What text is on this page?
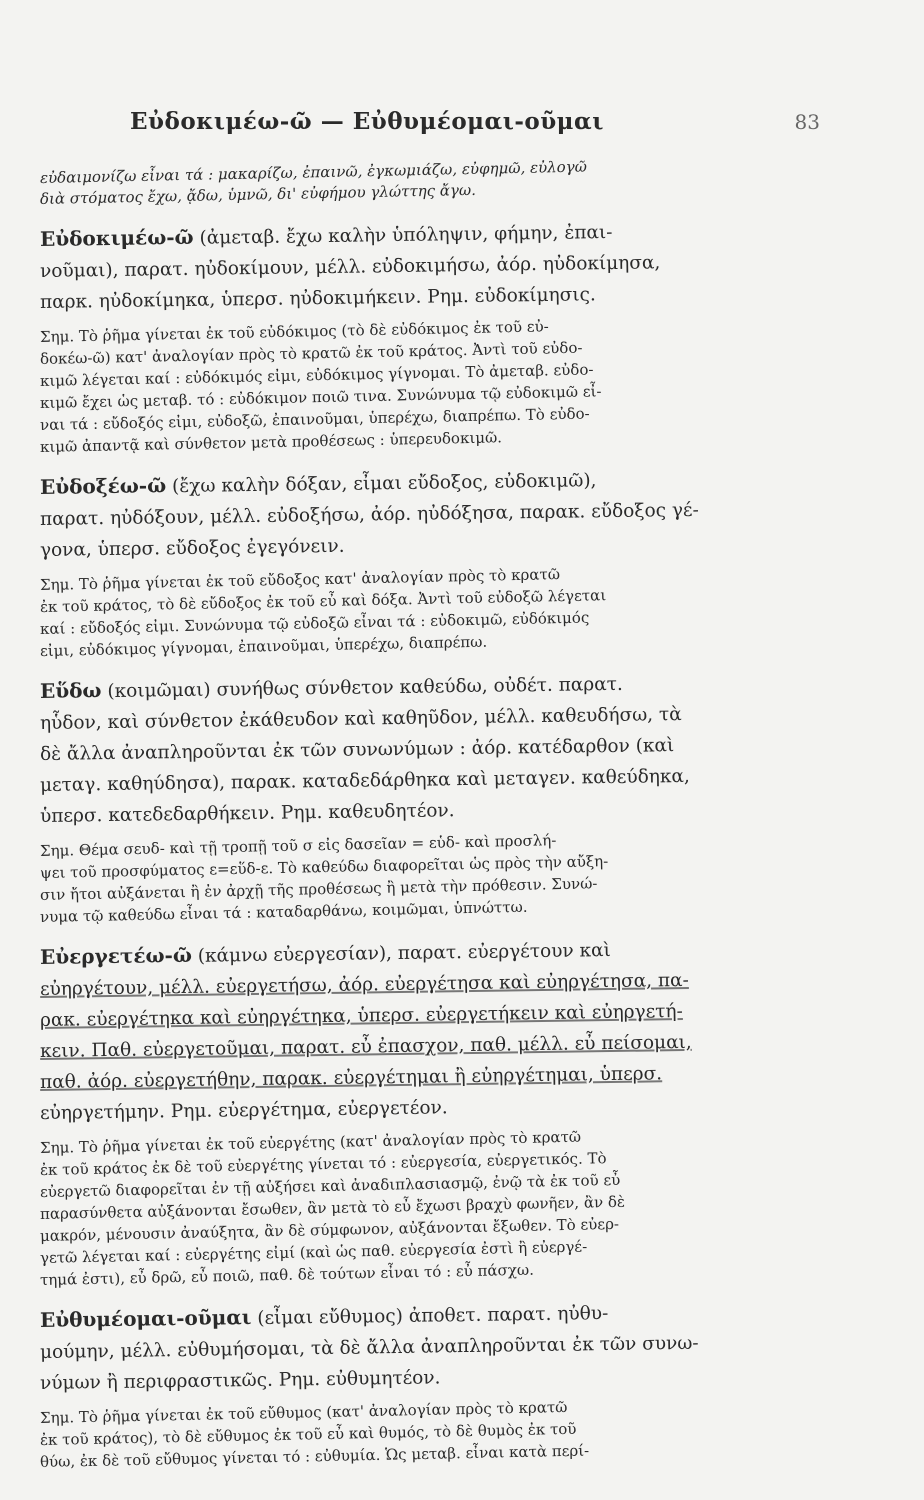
Εὐδοκιμέω-ῶ — Εὐθυμέομαι-οῦμαι	83

εὐδαιμονίζω εἶναι τά : μακαρίζω, ἐπαινῶ, ἐγκωμιάζω, εὐφημῶ, εὐλογῶ

διὰ στόματος ἔχω, ᾄδω, ὑμνῶ, δι' εὐφήμου γλώττης ἄγω.

Εὐδοκιμέω-ῶ (ἀμεταβ. ἔχω καλὴν ὑπόληψιν, φήμην, ἐπαι-

νοῦμαι), παρατ. ηὐδοκίμουν, μέλλ. εὐδοκιμήσω, ἀόρ. ηὐδοκίμησα,

παρκ. ηὐδοκίμηκα, ὑπερσ. ηὐδοκιμήκειν. Ρημ. εὐδοκίμησις.

Σημ. Τὸ ῥῆμα γίνεται ἐκ τοῦ εὐδόκιμος (τὸ δὲ εὐδόκιμος ἐκ τοῦ εὐ-

δοκέω-ῶ) κατ' ἀναλογίαν πρὸς τὸ κρατῶ ἐκ τοῦ κράτος. Ἀντὶ τοῦ εὐδο-

κιμῶ λέγεται καί : εὐδόκιμός εἰμι, εὐδόκιμος γίγνομαι. Τὸ ἀμεταβ. εὐδο-

κιμῶ ἔχει ὡς μεταβ. τό : εὐδόκιμον ποιῶ τινα. Συνώνυμα τῷ εὐδοκιμῶ εἶ-

ναι τά : εὔδοξός εἰμι, εὐδοξῶ, ἐπαινοῦμαι, ὑπερέχω, διαπρέπω. Τὸ εὐδο-

κιμῶ ἀπαντᾷ καὶ σύνθετον μετὰ προθέσεως : ὑπερευδοκιμῶ.

Εὐδοξέω-ῶ (ἔχω καλὴν δόξαν, εἶμαι εὔδοξος, εὐδοκιμῶ),

παρατ. ηὐδόξουν, μέλλ. εὐδοξήσω, ἀόρ. ηὐδόξησα, παρακ. εὔδοξος γέ-

γονα, ὑπερσ. εὔδοξος ἐγεγόνειν.

Σημ. Τὸ ῥῆμα γίνεται ἐκ τοῦ εὔδοξος κατ' ἀναλογίαν πρὸς τὸ κρατῶ

ἐκ τοῦ κράτος, τὸ δὲ εὔδοξος ἐκ τοῦ εὖ καὶ δόξα. Ἀντὶ τοῦ εὐδοξῶ λέγεται

καί : εὔδοξός εἰμι. Συνώνυμα τῷ εὐδοξῶ εἶναι τά : εὐδοκιμῶ, εὐδόκιμός

εἰμι, εὐδόκιμος γίγνομαι, ἐπαινοῦμαι, ὑπερέχω, διαπρέπω.

Εὕδω (κοιμῶμαι) συνήθως σύνθετον καθεύδω, οὐδέτ. παρατ.

ηὗδον, καὶ σύνθετον ἐκάθευδον καὶ καθηῦδον, μέλλ. καθευδήσω, τὰ

δὲ ἄλλα ἀναπληροῦνται ἐκ τῶν συνωνύμων : ἀόρ. κατέδαρθον (καὶ

μεταγ. καθηύδησα), παρακ. καταδεδάρθηκα καὶ μεταγεν. καθεύδηκα,

ὑπερσ. κατεδεδαρθήκειν. Ρημ. καθευδητέον.

Σημ. Θέμα σευδ- καὶ τῇ τροπῇ τοῦ σ εἰς δασεῖαν = εὑδ- καὶ προσλή-

ψει τοῦ προσφύματος ε=εὕδ-ε. Τὸ καθεύδω διαφορεῖται ὡς πρὸς τὴν αὔξη-

σιν ἤτοι αὐξάνεται ἢ ἐν ἀρχῇ τῆς προθέσεως ἢ μετὰ τὴν πρόθεσιν. Συνώ-

νυμα τῷ καθεύδω εἶναι τά : καταδαρθάνω, κοιμῶμαι, ὑπνώττω.

Εὐεργετέω-ῶ (κάμνω εὐεργεσίαν), παρατ. εὐεργέτουν καὶ

εὐηργέτουν, μέλλ. εὐεργετήσω, ἀόρ. εὐεργέτησα καὶ εὐηργέτησα, πα-

ρακ. εὐεργέτηκα καὶ εὐηργέτηκα, ὑπερσ. εὐεργετήκειν καὶ εὐηργετή-

κειν. Παθ. εὐεργετοῦμαι, παρατ. εὖ ἐπασχον, παθ. μέλλ. εὖ πείσομαι,

παθ. ἀόρ. εὐεργετήθην, παρακ. εὐεργέτημαι ἢ εὐηργέτημαι, ὑπερσ.

εὐηργετήμην. Ρημ. εὐεργέτημα, εὐεργετέον.

Σημ. Τὸ ῥῆμα γίνεται ἐκ τοῦ εὐεργέτης (κατ' ἀναλογίαν πρὸς τὸ κρατῶ

ἐκ τοῦ κράτος ἐκ δὲ τοῦ εὐεργέτης γίνεται τό : εὐεργεσία, εὐεργετικός. Τὸ

εὐεργετῶ διαφορεῖται ἐν τῇ αὐξήσει καὶ ἀναδιπλασιασμῷ, ἐνῷ τὰ ἐκ τοῦ εὖ

παρασύνθετα αὐξάνονται ἔσωθεν, ἂν μετὰ τὸ εὖ ἔχωσι βραχὺ φωνῆεν, ἂν δὲ

μακρόν, μένουσιν ἀναύξητα, ἂν δὲ σύμφωνον, αὐξάνονται ἔξωθεν. Τὸ εὐερ-

γετῶ λέγεται καί : εὐεργέτης εἰμί (καὶ ὡς παθ. εὐεργεσία ἐστὶ ἢ εὐεργέ-

τημά ἐστι), εὖ δρῶ, εὖ ποιῶ, παθ. δὲ τούτων εἶναι τό : εὖ πάσχω.

Εὐθυμέομαι-οῦμαι (εἶμαι εὔθυμος) ἀποθετ. παρατ. ηὐθυ-

μούμην, μέλλ. εὐθυμήσομαι, τὰ δὲ ἄλλα ἀναπληροῦνται ἐκ τῶν συνω-

νύμων ἢ περιφραστικῶς. Ρημ. εὐθυμητέον.

Σημ. Τὸ ῥῆμα γίνεται ἐκ τοῦ εὔθυμος (κατ' ἀναλογίαν πρὸς τὸ κρατῶ

ἐκ τοῦ κράτος), τὸ δὲ εὔθυμος ἐκ τοῦ εὖ καὶ θυμός, τὸ δὲ θυμὸς ἐκ τοῦ

θύω, ἐκ δὲ τοῦ εὔθυμος γίνεται τό : εὐθυμία. Ὡς μεταβ. εἶναι κατὰ περί-
